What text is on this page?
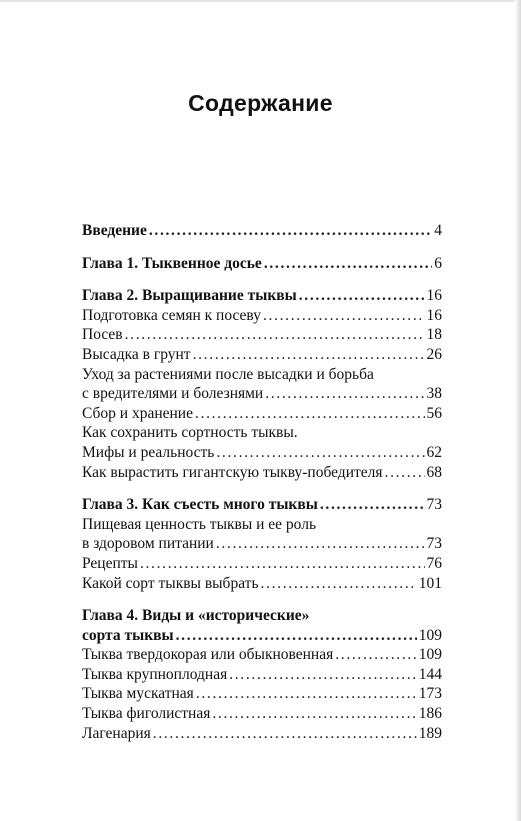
Содержание
Введение . . .	4
Глава 1. Тыквенное досье . . .	6
Глава 2. Выращивание тыквы . . .	16
Подготовка семян к посеву . . .	16
Посев . . .	18
Высадка в грунт . . .	26
Уход за растениями после высадки и борьба
с вредителями и болезнями . . .	38
Сбор и хранение . . .	56
Как сохранить сортность тыквы.
Мифы и реальность . . .	62
Как вырастить гигантскую тыкву-победителя . . .	68
Глава 3. Как съесть много тыквы . . .	73
Пищевая ценность тыквы и ее роль
в здоровом питании . . .	73
Рецепты . . .	76
Какой сорт тыквы выбрать . . .	101
Глава 4. Виды и «исторические»
сорта тыквы . . .	109
Тыква твердокорая или обыкновенная . . .	109
Тыква крупноплодная . . .	144
Тыква мускатная . . .	173
Тыква фиголистная . . .	186
Лагенария . . .	189
